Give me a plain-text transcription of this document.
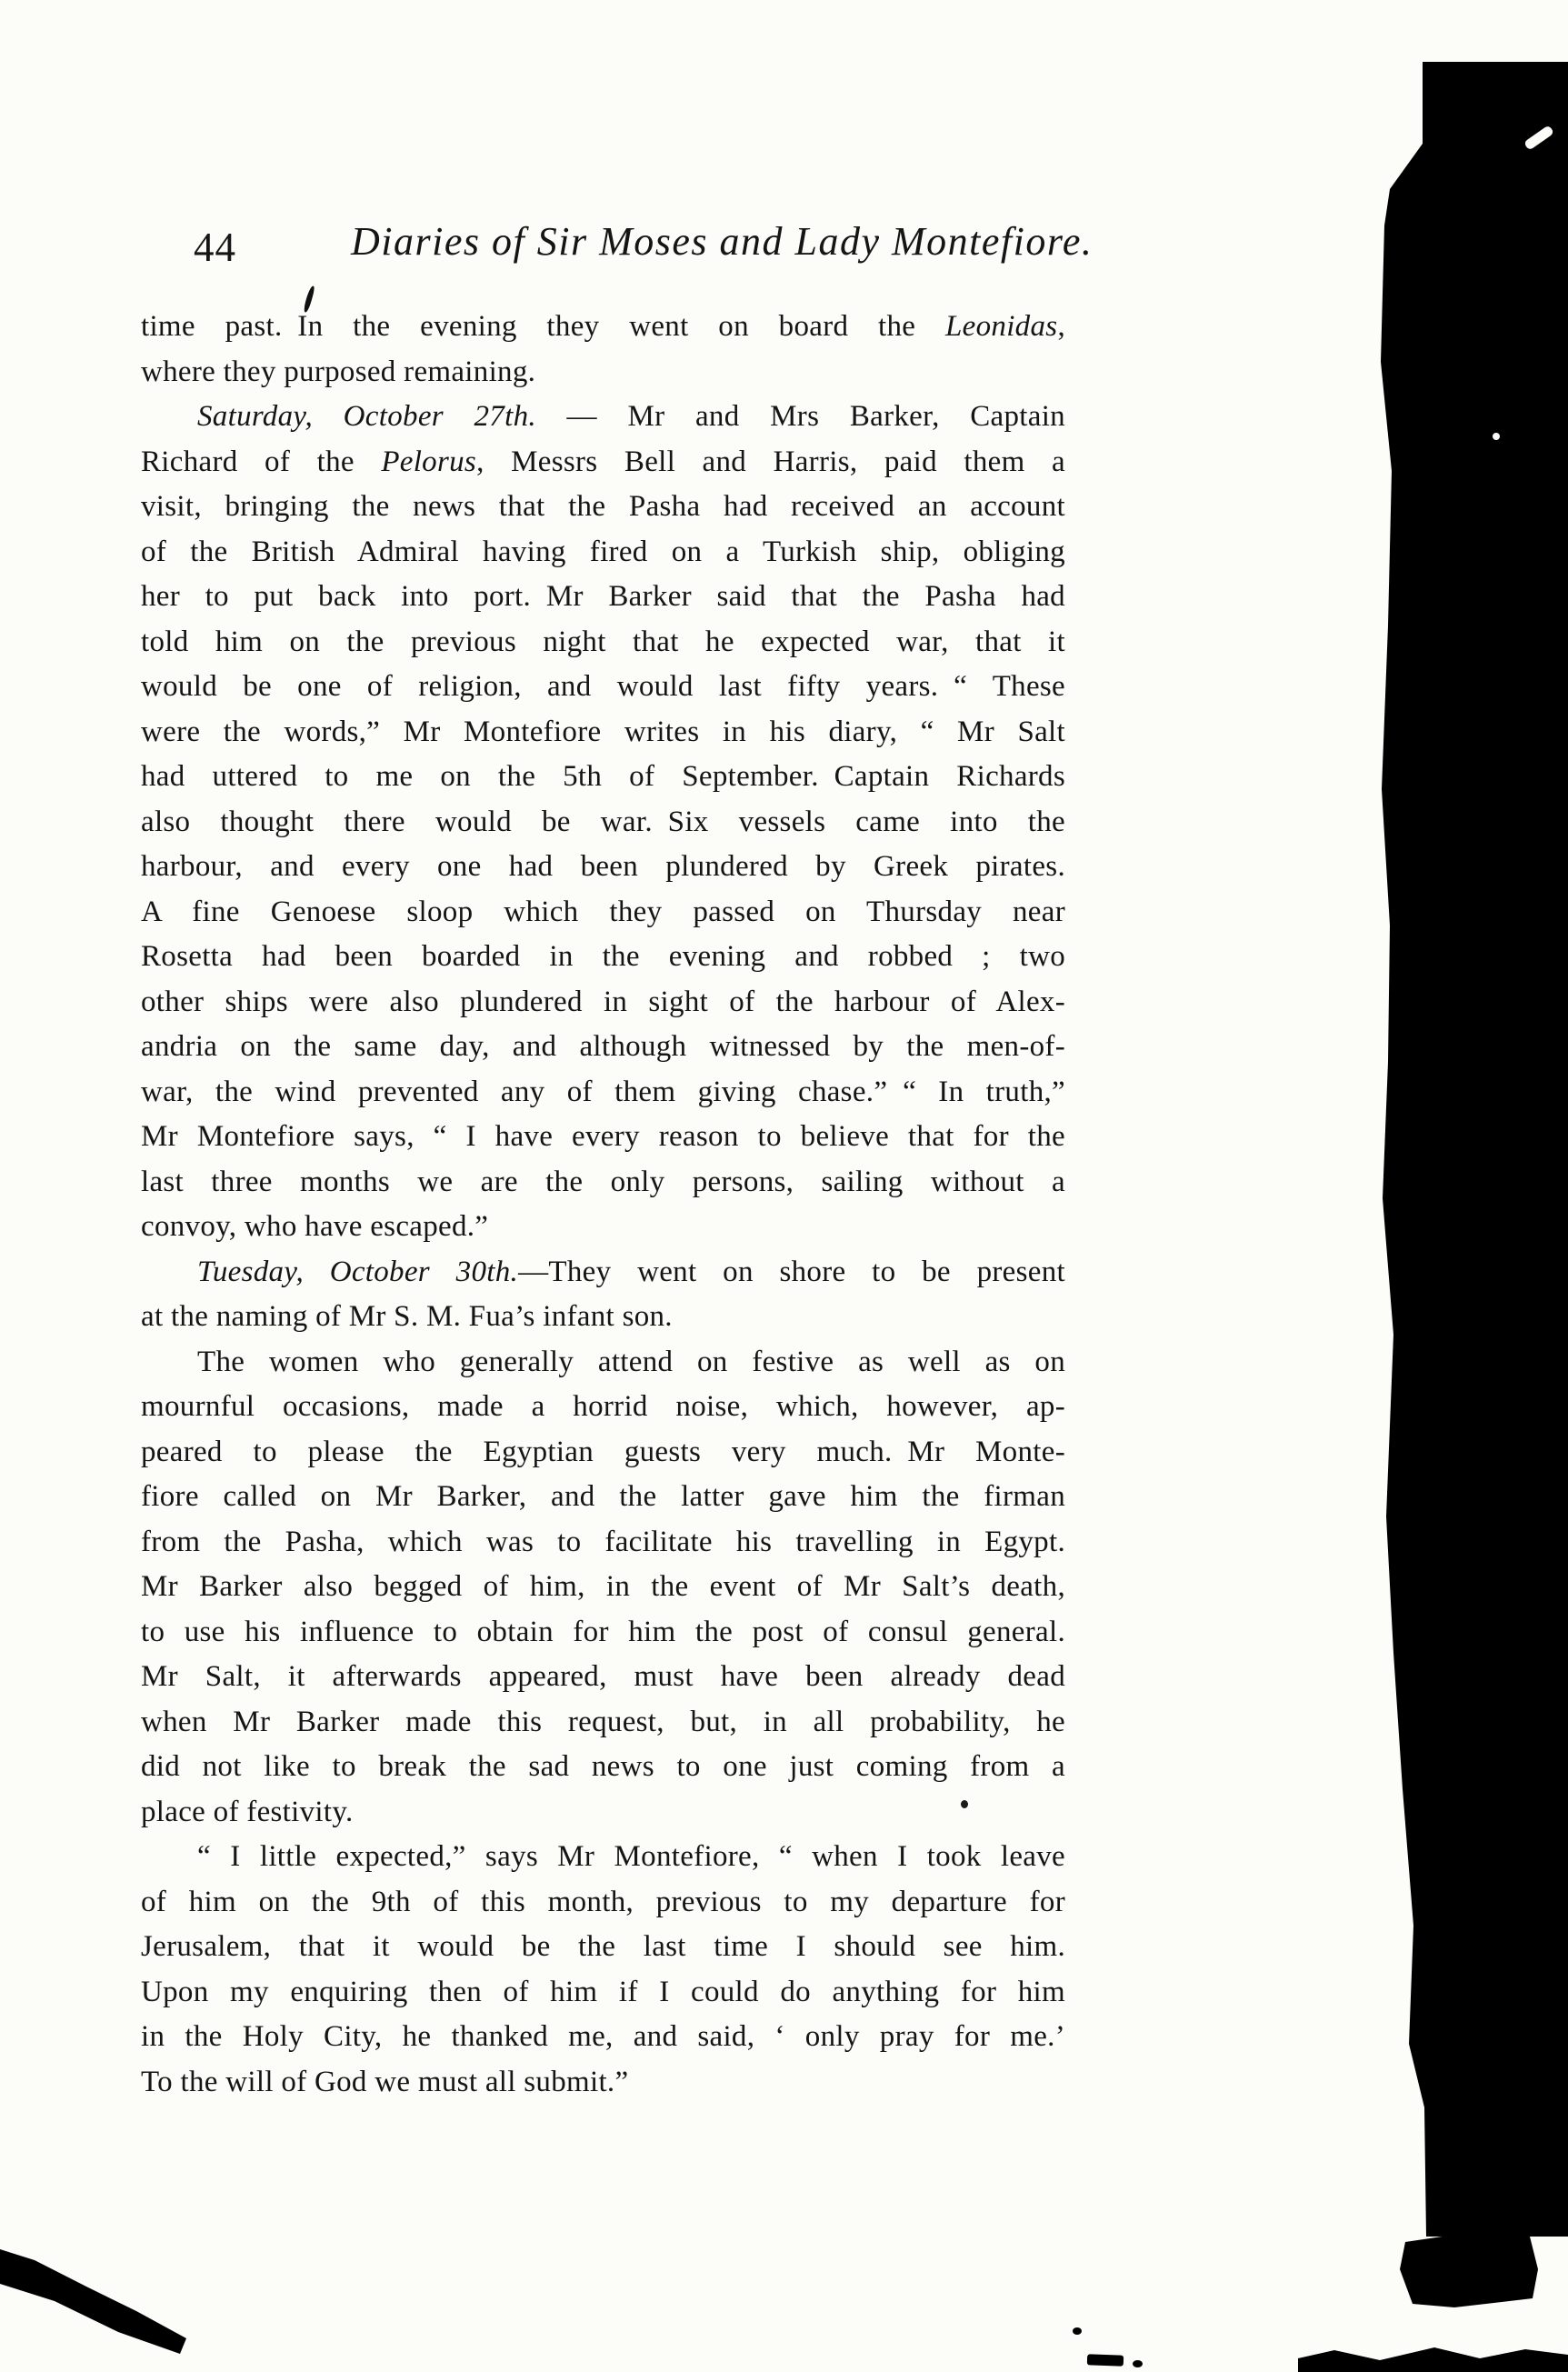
44	Diaries of Sir Moses and Lady Montefiore.
time past. In the evening they went on board the Leonidas,
where they purposed remaining.
Saturday, October 27th. — Mr and Mrs Barker, Captain
Richard of the Pelorus, Messrs Bell and Harris, paid them a
visit, bringing the news that the Pasha had received an account
of the British Admiral having fired on a Turkish ship, obliging
her to put back into port. Mr Barker said that the Pasha had
told him on the previous night that he expected war, that it
would be one of religion, and would last fifty years. “ These
were the words,” Mr Montefiore writes in his diary, “ Mr Salt
had uttered to me on the 5th of September. Captain Richards
also thought there would be war. Six vessels came into the
harbour, and every one had been plundered by Greek pirates.
A fine Genoese sloop which they passed on Thursday near
Rosetta had been boarded in the evening and robbed ; two
other ships were also plundered in sight of the harbour of Alex-
andria on the same day, and although witnessed by the men-of-
war, the wind prevented any of them giving chase.” “ In truth,”
Mr Montefiore says, “ I have every reason to believe that for the
last three months we are the only persons, sailing without a
convoy, who have escaped.”
Tuesday, October 30th.—They went on shore to be present
at the naming of Mr S. M. Fua’s infant son.
The women who generally attend on festive as well as on
mournful occasions, made a horrid noise, which, however, ap-
peared to please the Egyptian guests very much. Mr Monte-
fiore called on Mr Barker, and the latter gave him the firman
from the Pasha, which was to facilitate his travelling in Egypt.
Mr Barker also begged of him, in the event of Mr Salt’s death,
to use his influence to obtain for him the post of consul general.
Mr Salt, it afterwards appeared, must have been already dead
when Mr Barker made this request, but, in all probability, he
did not like to break the sad news to one just coming from a
place of festivity.
“ I little expected,” says Mr Montefiore, “ when I took leave
of him on the 9th of this month, previous to my departure for
Jerusalem, that it would be the last time I should see him.
Upon my enquiring then of him if I could do anything for him
in the Holy City, he thanked me, and said, ‘ only pray for me.’
To the will of God we must all submit.”
